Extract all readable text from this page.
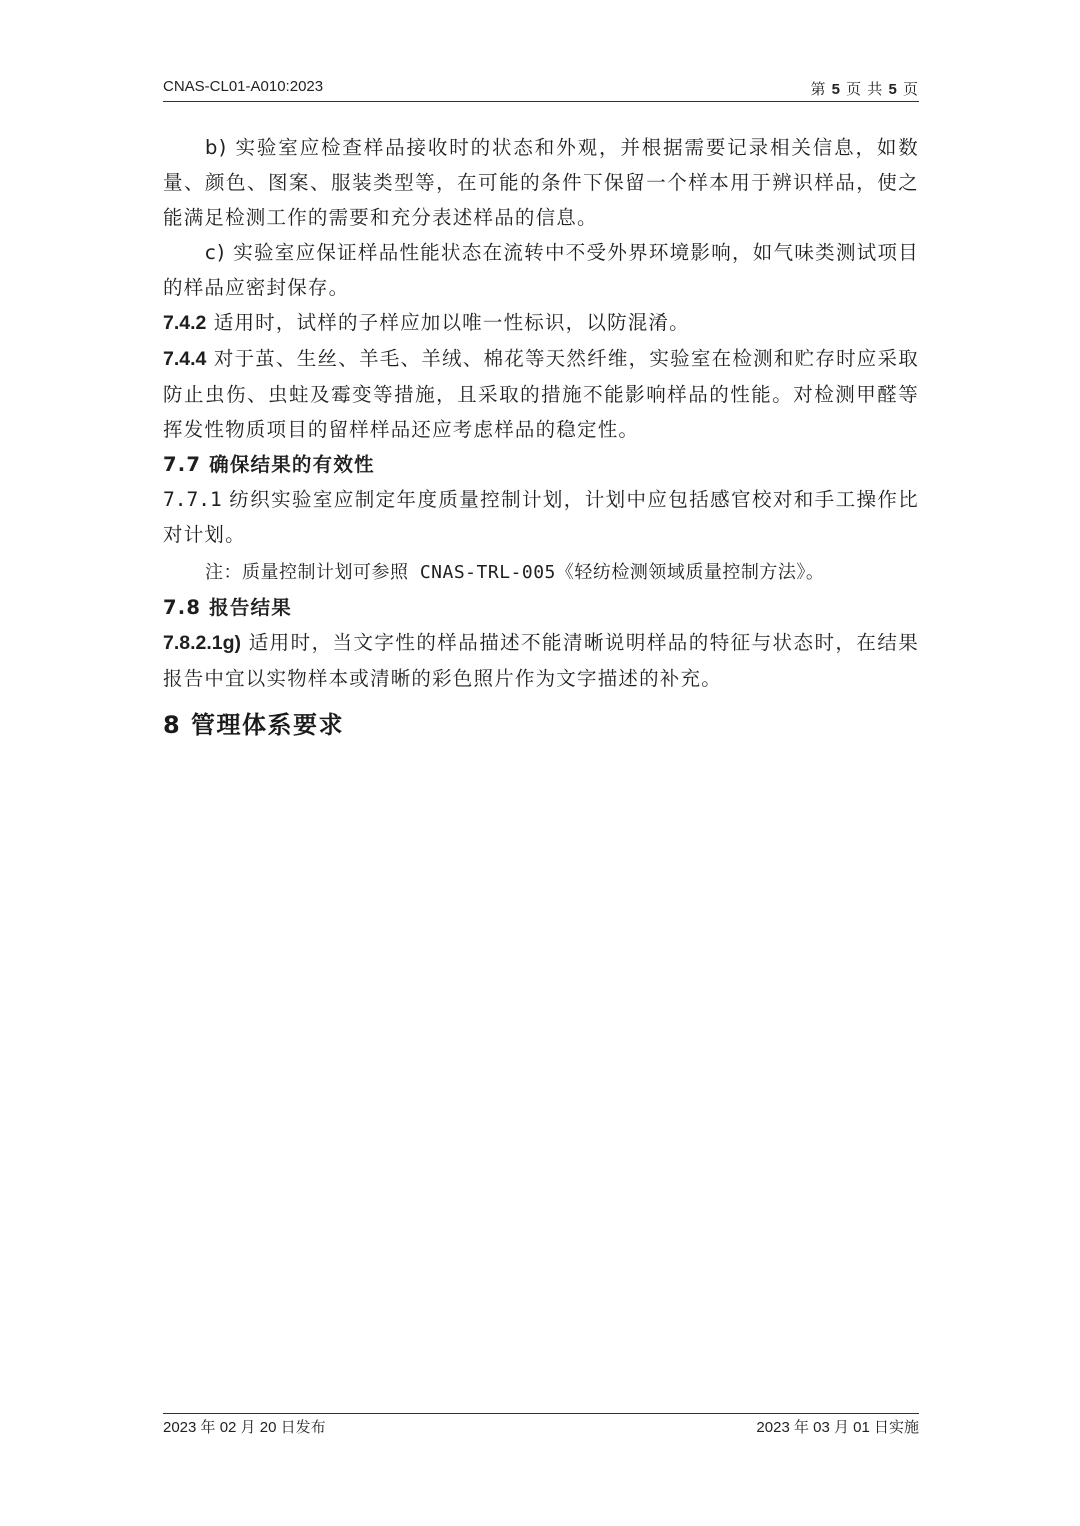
CNAS-CL01-A010:2023	第 5 页 共 5 页

b) 实验室应检查样品接收时的状态和外观，并根据需要记录相关信息，如数量、颜色、图案、服装类型等，在可能的条件下保留一个样本用于辨识样品，使之能满足检测工作的需要和充分表述样品的信息。

c) 实验室应保证样品性能状态在流转中不受外界环境影响，如气味类测试项目的样品应密封保存。

7.4.2 适用时，试样的子样应加以唯一性标识，以防混淆。

7.4.4 对于茧、生丝、羊毛、羊绒、棉花等天然纤维，实验室在检测和贮存时应采取防止虫伤、虫蛀及霉变等措施，且采取的措施不能影响样品的性能。对检测甲醛等挥发性物质项目的留样样品还应考虑样品的稳定性。

7.7 确保结果的有效性

7.7.1 纺织实验室应制定年度质量控制计划，计划中应包括感官校对和手工操作比对计划。

注：质量控制计划可参照 CNAS-TRL-005《轻纺检测领域质量控制方法》。

7.8 报告结果

7.8.2.1g) 适用时，当文字性的样品描述不能清晰说明样品的特征与状态时，在结果报告中宜以实物样本或清晰的彩色照片作为文字描述的补充。

8 管理体系要求

2023 年 02 月 20 日发布	2023 年 03 月 01 日实施
